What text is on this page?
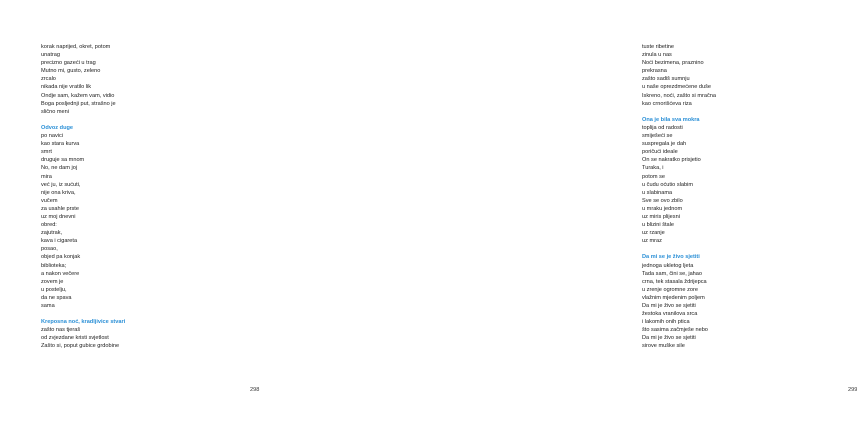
korak naprijed, okret, potom
unatrag
precizno gazeći u trag
Mutno mi, gusto, zeleno
zrcalo
nikada nije vratilo lik
Ondje sam, kažem vam, vidio
Boga posljednji put, strašno je
slično meni
Odvoz duge
po navici
kao stara kurva
smrt
druguje sa mnom
No, ne dam joj
mira
već ju, iz sućuti,
nije ona kriva,
vučem
za usahle prste
uz moj dnevni
obred:
zajutrak,
kava i cigareta
posao,
objed pa konjak
biblioteka;
a nakon večere
zovem je
u postelju,
da ne spava
sama
Kreposna noć, kradljivice stvari
zašto nas tjeraš
od zvjezdane kristi svjetlost
Zašto si, poput gubice grdobine
298
tuste ribetine
zinula u nas
Noći bezimena, praznino
prekrasna
zašto sadiš sumnju
u naše oprezdmećene duše
Iskreno, noći, zašto si mračna
kao crnorišćeva riza
Ona je bila sva mokra
toplija od radosti
smiješeći se
suspregala je dah
poričući ideale
On se nakratko prisjetio
Turaka, i
potom se
u čudu oćutio slabim
u slabinama
Sve se ovo zbilo
u mraku jednom
uz miris plijesni
u blizini štale
uz rzanje
uz mraz
Da mi se je živo sjetiti
jednoga ukletog ljeta
Tada sam, čini se, jahao
crna, tek stasala ždrijepca
u zrenje ogromne zore
vlažnim mjedenim poljem
Da mi je živo se sjetiti
žestoka vranilova srca
i lakomih onih ptica
što sasima začmješe nebo
Da mi je živo se sjetiti
sirove muške sile
299
